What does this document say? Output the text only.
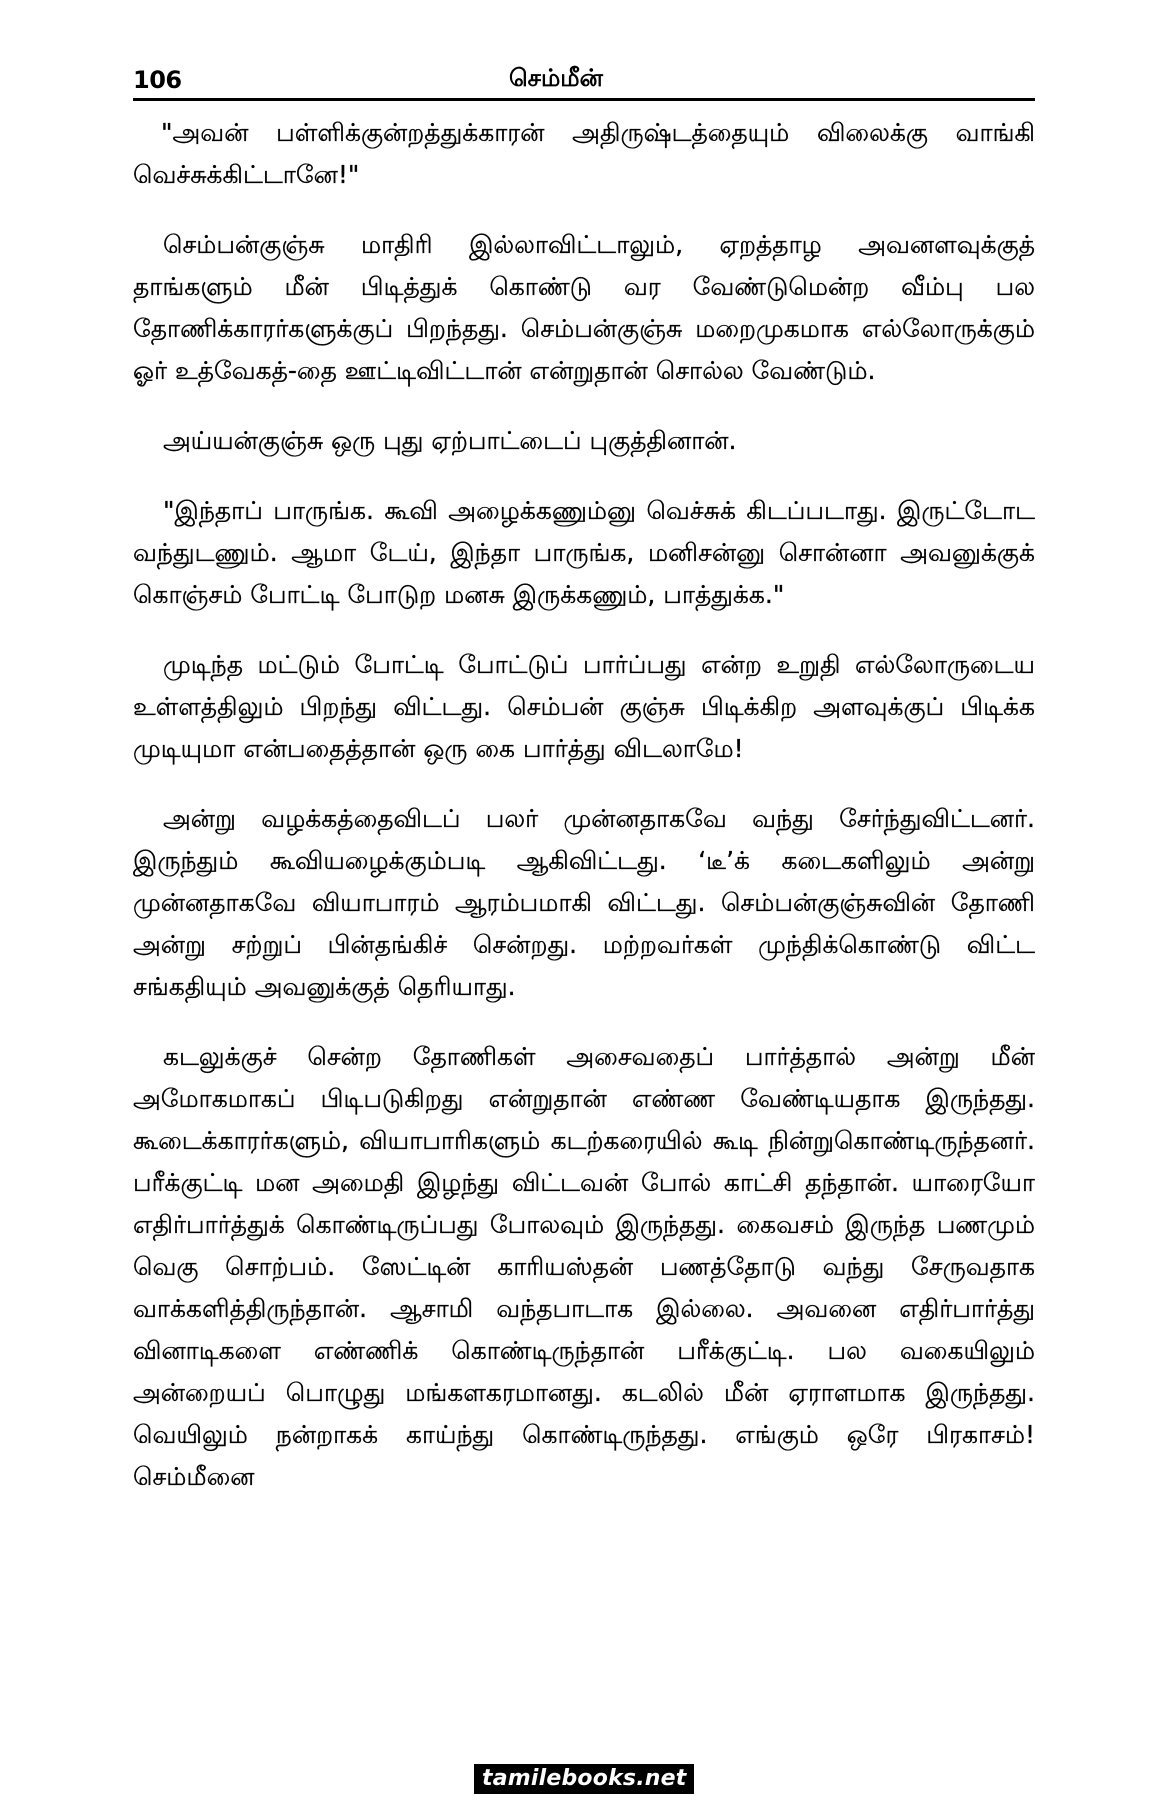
106	செம்மீன்

"அவன் பள்ளிக்குன்றத்துக்காரன் அதிருஷ்டத்தையும் விலைக்கு வாங்கி வெச்சுக்கிட்டானே!"

செம்பன்குஞ்சு மாதிரி இல்லாவிட்டாலும், ஏறத்தாழ அவனளவுக்குத் தாங்களும் மீன் பிடித்துக் கொண்டு வர வேண்டுமென்ற வீம்பு பல தோணிக்காரர்களுக்குப் பிறந்தது. செம்பன்குஞ்சு மறைமுகமாக எல்லோருக்கும் ஓர் உத்வேகத்-தை ஊட்டிவிட்டான் என்றுதான் சொல்ல வேண்டும்.

அய்யன்குஞ்சு ஒரு புது ஏற்பாட்டைப் புகுத்தினான்.

"இந்தாப் பாருங்க. கூவி அழைக்கணும்னு வெச்சுக் கிடப்படாது. இருட்டோட வந்துடணும். ஆமா டேய், இந்தா பாருங்க, மனிசன்னு சொன்னா அவனுக்குக் கொஞ்சம் போட்டி போடுற மனசு இருக்கணும், பாத்துக்க."

முடிந்த மட்டும் போட்டி போட்டுப் பார்ப்பது என்ற உறுதி எல்லோருடைய உள்ளத்திலும் பிறந்து விட்டது. செம்பன் குஞ்சு பிடிக்கிற அளவுக்குப் பிடிக்க முடியுமா என்பதைத்தான் ஒரு கை பார்த்து விடலாமே!

அன்று வழக்கத்தைவிடப் பலர் முன்னதாகவே வந்து சேர்ந்துவிட்டனர். இருந்தும் கூவியழைக்கும்படி ஆகிவிட்டது. ‘டீ’க் கடைகளிலும் அன்று முன்னதாகவே வியாபாரம் ஆரம்பமாகி விட்டது. செம்பன்குஞ்சுவின் தோணி அன்று சற்றுப் பின்தங்கிச் சென்றது. மற்றவர்கள் முந்திக்கொண்டு விட்ட சங்கதியும் அவனுக்குத் தெரியாது.

கடலுக்குச் சென்ற தோணிகள் அசைவதைப் பார்த்தால் அன்று மீன் அமோகமாகப் பிடிபடுகிறது என்றுதான் எண்ண வேண்டியதாக இருந்தது. கூடைக்காரர்களும், வியாபாரிகளும் கடற்கரையில் கூடி நின்றுகொண்டிருந்தனர். பரீக்குட்டி மன அமைதி இழந்து விட்டவன் போல் காட்சி தந்தான். யாரையோ எதிர்பார்த்துக் கொண்டிருப்பது போலவும் இருந்தது. கைவசம் இருந்த பணமும் வெகு சொற்பம். ஸேட்டின் காரியஸ்தன் பணத்தோடு வந்து சேருவதாக வாக்களித்திருந்தான். ஆசாமி வந்தபாடாக இல்லை. அவனை எதிர்பார்த்து வினாடிகளை எண்ணிக் கொண்டிருந்தான் பரீக்குட்டி. பல வகையிலும் அன்றையப் பொழுது மங்களகரமானது. கடலில் மீன் ஏராளமாக இருந்தது. வெயிலும் நன்றாகக் காய்ந்து கொண்டிருந்தது. எங்கும் ஒரே பிரகாசம்! செம்மீனை

tamilebooks.net
